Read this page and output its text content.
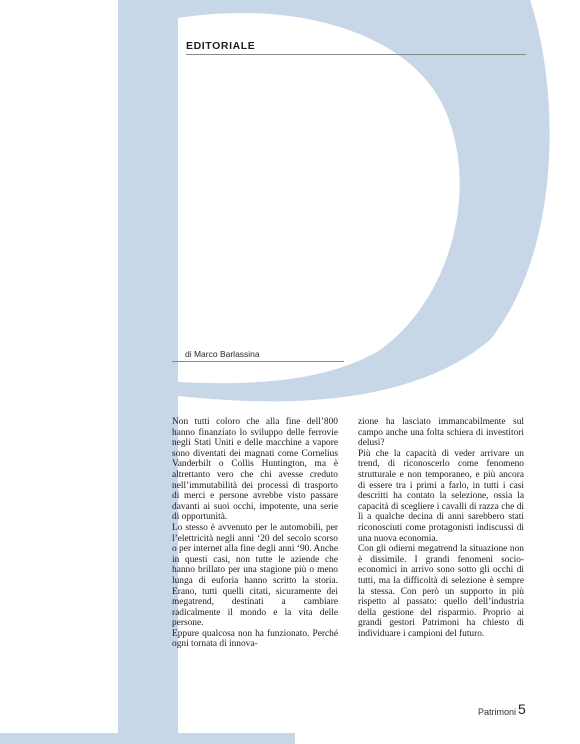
EDITORIALE
di Marco Barlassina

Non tutti coloro che alla fine dell’800 hanno finanziato lo sviluppo delle ferrovie negli Stati Uniti e delle macchine a vapore sono diventati dei magnati come Cornelius Vanderbilt o Collis Huntington, ma è altrettanto vero che chi avesse creduto nell’immutabilità dei processi di trasporto di merci e persone avrebbe visto passare davanti ai suoi occhi, impotente, una serie di opportunità.

Lo stesso è avvenuto per le automobili, per l’elettricità negli anni ‘20 del secolo scorso o per internet alla fine degli anni ‘90. Anche in questi casi, non tutte le aziende che hanno brillato per una stagione più o meno lunga di euforia hanno scritto la storia. Erano, tutti quelli citati, sicuramente dei megatrend, destinati a cambiare radicalmente il mondo e la vita delle persone.

Eppure qualcosa non ha funzionato. Perché ogni tornata di innova-

zione ha lasciato immancabilmente sul campo anche una folta schiera di investitori delusi?

Più che la capacità di veder arrivare un trend, di riconoscerlo come fenomeno strutturale e non temporaneo, e più ancora di essere tra i primi a farlo, in tutti i casi descritti ha contato la selezione, ossia la capacità di scegliere i cavalli di razza che di lì a qualche decina di anni sarebbero stati riconosciuti come protagonisti indiscussi di una nuova economia.

Con gli odierni megatrend la situazione non è dissimile. I grandi fenomeni socio-economici in arrivo sono sotto gli occhi di tutti, ma la difficoltà di selezione è sempre la stessa. Con però un supporto in più rispetto al passato: quello dell’industria della gestione del risparmio. Proprio ai grandi gestori Patrimoni ha chiesto di individuare i campioni del futuro.

Patrimoni 5
